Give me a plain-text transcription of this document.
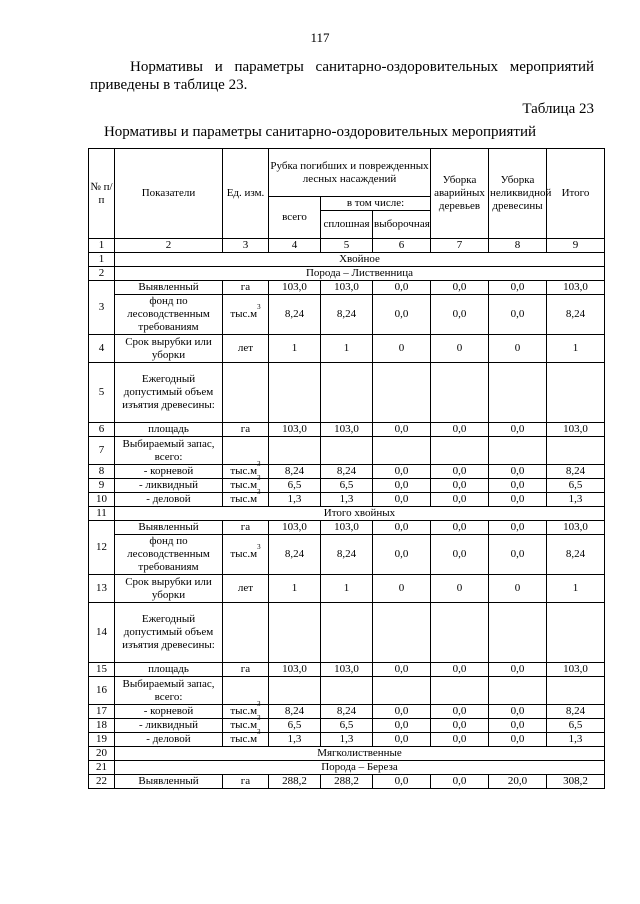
117
Нормативы и параметры санитарно-оздоровительных мероприятий приведены в таблице 23.
Таблица 23
Нормативы и параметры санитарно-оздоровительных мероприятий
№ п/п	Показатели	Ед. изм.	Рубка погибших и поврежденных лесных насаждений			Уборка аварийных деревьев	Уборка неликвидной древесины	Итого
			всего	в том числе:				
				сплошная	выборочная			
1	2	3	4	5	6	7	8	9
1	Хвойное							
2	Порода – Лиственница							
3	Выявленный	га	103,0	103,0	0,0	0,0	0,0	103,0
	фонд по лесоводственным требованиям	$тыс.м^3$	8,24	8,24	0,0	0,0	0,0	8,24
4	Срок вырубки или уборки	лет	1	1	0	0	0	1
5	Ежегодный допустимый объем изъятия древесины:							
6	площадь	га	103,0	103,0	0,0	0,0	0,0	103,0
7	Выбираемый запас, всего:							
8	- корневой	$тыс.м^3$	8,24	8,24	0,0	0,0	0,0	8,24
9	- ликвидный	$тыс.м^3$	6,5	6,5	0,0	0,0	0,0	6,5
10	- деловой	$тыс.м^3$	1,3	1,3	0,0	0,0	0,0	1,3
11	Итого хвойных							
12	Выявленный	га	103,0	103,0	0,0	0,0	0,0	103,0
	фонд по лесоводственным требованиям	$тыс.м^3$	8,24	8,24	0,0	0,0	0,0	8,24
13	Срок вырубки или уборки	лет	1	1	0	0	0	1
14	Ежегодный допустимый объем изъятия древесины:							
15	площадь	га	103,0	103,0	0,0	0,0	0,0	103,0
16	Выбираемый запас, всего:							
17	- корневой	$тыс.м^3$	8,24	8,24	0,0	0,0	0,0	8,24
18	- ликвидный	$тыс.м^3$	6,5	6,5	0,0	0,0	0,0	6,5
19	- деловой	$тыс.м^3$	1,3	1,3	0,0	0,0	0,0	1,3
20	Мягколиственные							
21	Порода – Береза							
22	Выявленный	га	288,2	288,2	0,0	0,0	20,0	308,2
